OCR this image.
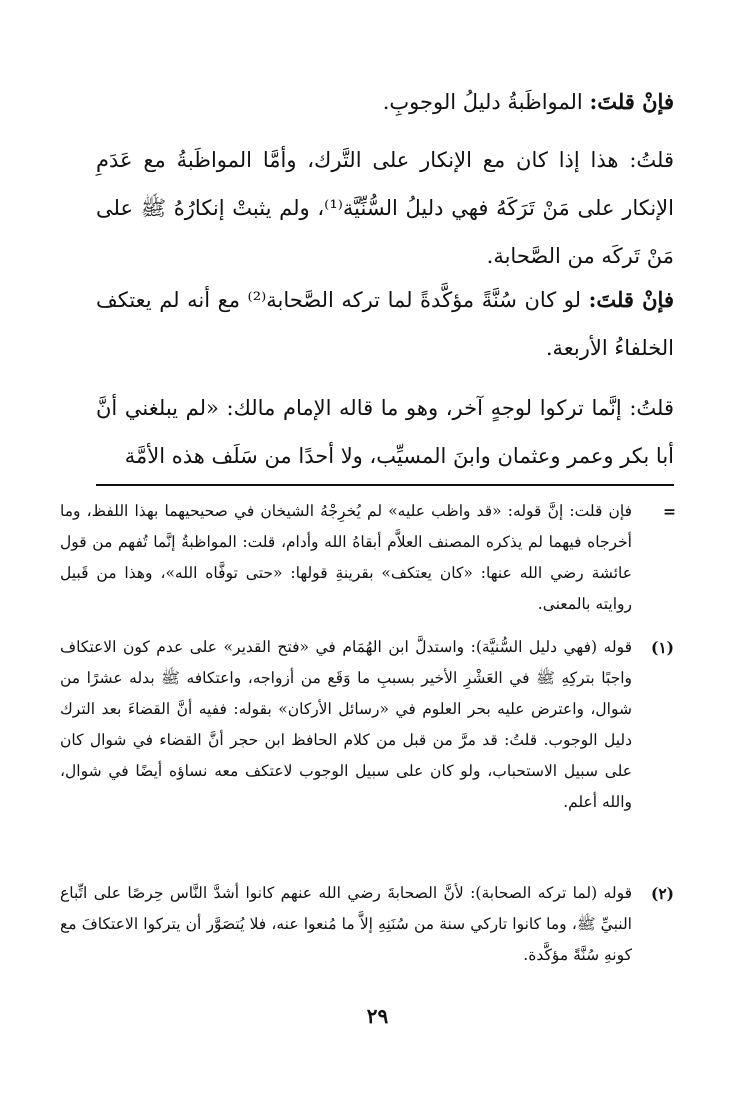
فإنْ قلتَ: المواظَبةُ دليلُ الوجوبِ.

قلتُ: هذا إذا كان مع الإنكار على التَّرك، وأمَّا المواظَبةُ مع عَدَمِ الإنكار على مَنْ تَرَكَهُ فهي دليلُ السُّنِّيَّة⁽¹⁾، ولم يثبتْ إنكارُهُ ﷺ على مَنْ تَركَه من الصَّحابة.

فإنْ قلتَ: لو كان سُنَّةً مؤكَّدةً لما تركه الصَّحابة⁽²⁾ مع أنه لم يعتكف الخلفاءُ الأربعة.

قلتُ: إنَّما تركوا لوجهٍ آخر، وهو ما قاله الإمام مالك: «لم يبلغني أنَّ أبا بكر وعمر وعثمان وابنَ المسيِّب، ولا أحدًا من سَلَف هذه الأمَّة

=

فإن قلت: إنَّ قوله: «قد واظب عليه» لم يُخرِجْهُ الشيخان في صحيحيهما بهذا اللفظ، وما أخرجاه فيهما لم يذكره المصنف العلاَّم أبقاهُ الله وأدام، قلت: المواظبةُ إنَّما تُفهم من قول عائشة رضي الله عنها: «كان يعتكف» بقرينةِ قولها: «حتى توفَّاه الله»، وهذا من قَبيل روايته بالمعنى.

(١)

قوله (فهي دليل السُّنيَّة): واستدلَّ ابن الهُمَام في «فتح القدير» على عدم كون الاعتكاف واجبًا بتركِهِ ﷺ في العَشْرِ الأخير بسببِ ما وَقَع من أزواجه، واعتكافه ﷺ بدله عشرًا من شوال، واعترض عليه بحر العلوم في «رسائل الأركان» بقوله: ففيه أنَّ القضاءَ بعد الترك دليل الوجوب. قلتُ: قد مرَّ من قبل من كلام الحافظ ابن حجر أنَّ القضاء في شوال كان على سبيل الاستحباب، ولو كان على سبيل الوجوب لاعتكف معه نساؤه أيضًا في شوال، والله أعلم.

(٢)

قوله (لما تركه الصحابة): لأنَّ الصحابةَ رضي الله عنهم كانوا أشدَّ النَّاس حِرصًا على اتِّباع النبيِّ ﷺ، وما كانوا تاركي سنة من سُنَنِهِ إلاَّ ما مُنعوا عنه، فلا يُتصَوَّر أن يتركوا الاعتكافَ مع كونهِ سُنَّةً مؤكَّدة.

٢٩
